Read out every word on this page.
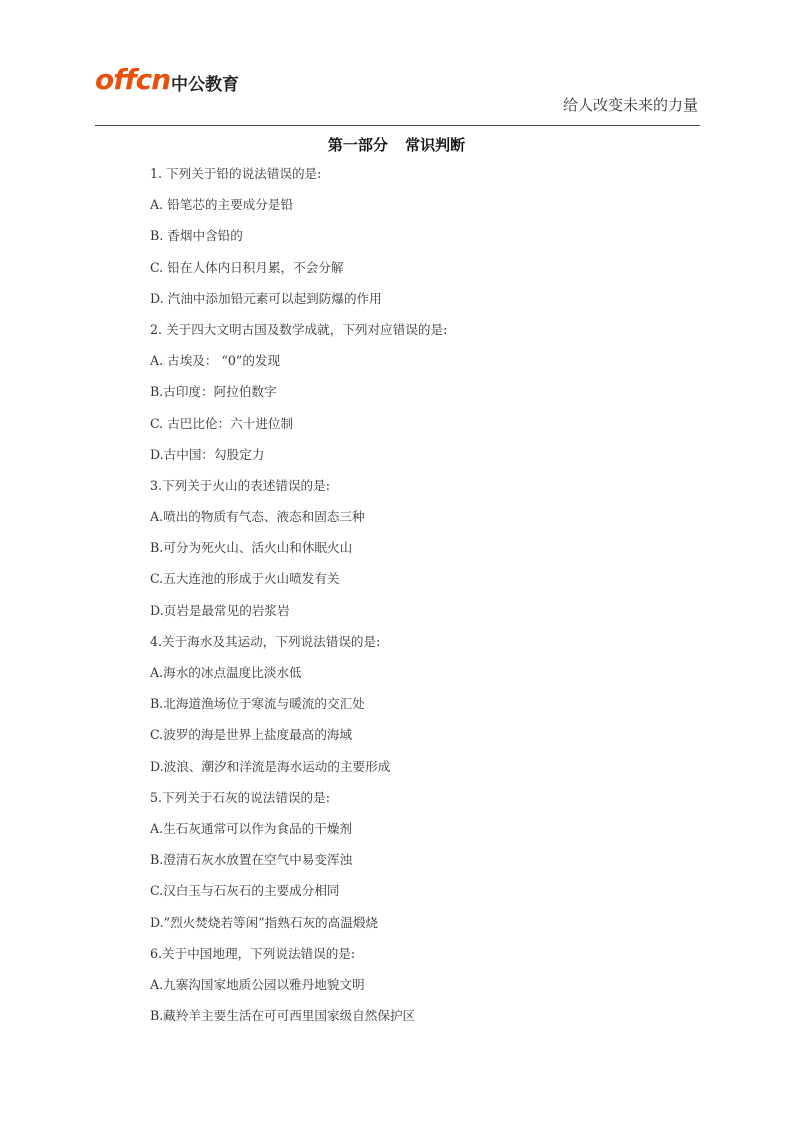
offcn 中公教育
给人改变未来的力量
第一部分 常识判断
1. 下列关于铅的说法错误的是:
A. 铅笔芯的主要成分是铅
B. 香烟中含铅的
C. 铅在人体内日积月累，不会分解
D. 汽油中添加铅元素可以起到防爆的作用
2. 关于四大文明古国及数学成就，下列对应错误的是:
A. 古埃及： “0”的发现
B.古印度：阿拉伯数字
C. 古巴比伦：六十进位制
D.古中国：勾股定力
3.下列关于火山的表述错误的是:
A.喷出的物质有气态、液态和固态三种
B.可分为死火山、活火山和休眠火山
C.五大连池的形成于火山喷发有关
D.页岩是最常见的岩浆岩
4.关于海水及其运动，下列说法错误的是:
A.海水的冰点温度比淡水低
B.北海道渔场位于寒流与暖流的交汇处
C.波罗的海是世界上盐度最高的海域
D.波浪、潮汐和洋流是海水运动的主要形成
5.下列关于石灰的说法错误的是:
A.生石灰通常可以作为食品的干燥剂
B.澄清石灰水放置在空气中易变浑浊
C.汉白玉与石灰石的主要成分相同
D.”烈火焚烧若等闲”指熟石灰的高温煅烧
6.关于中国地理，下列说法错误的是:
A.九寨沟国家地质公园以雅丹地貌文明
B.藏羚羊主要生活在可可西里国家级自然保护区
